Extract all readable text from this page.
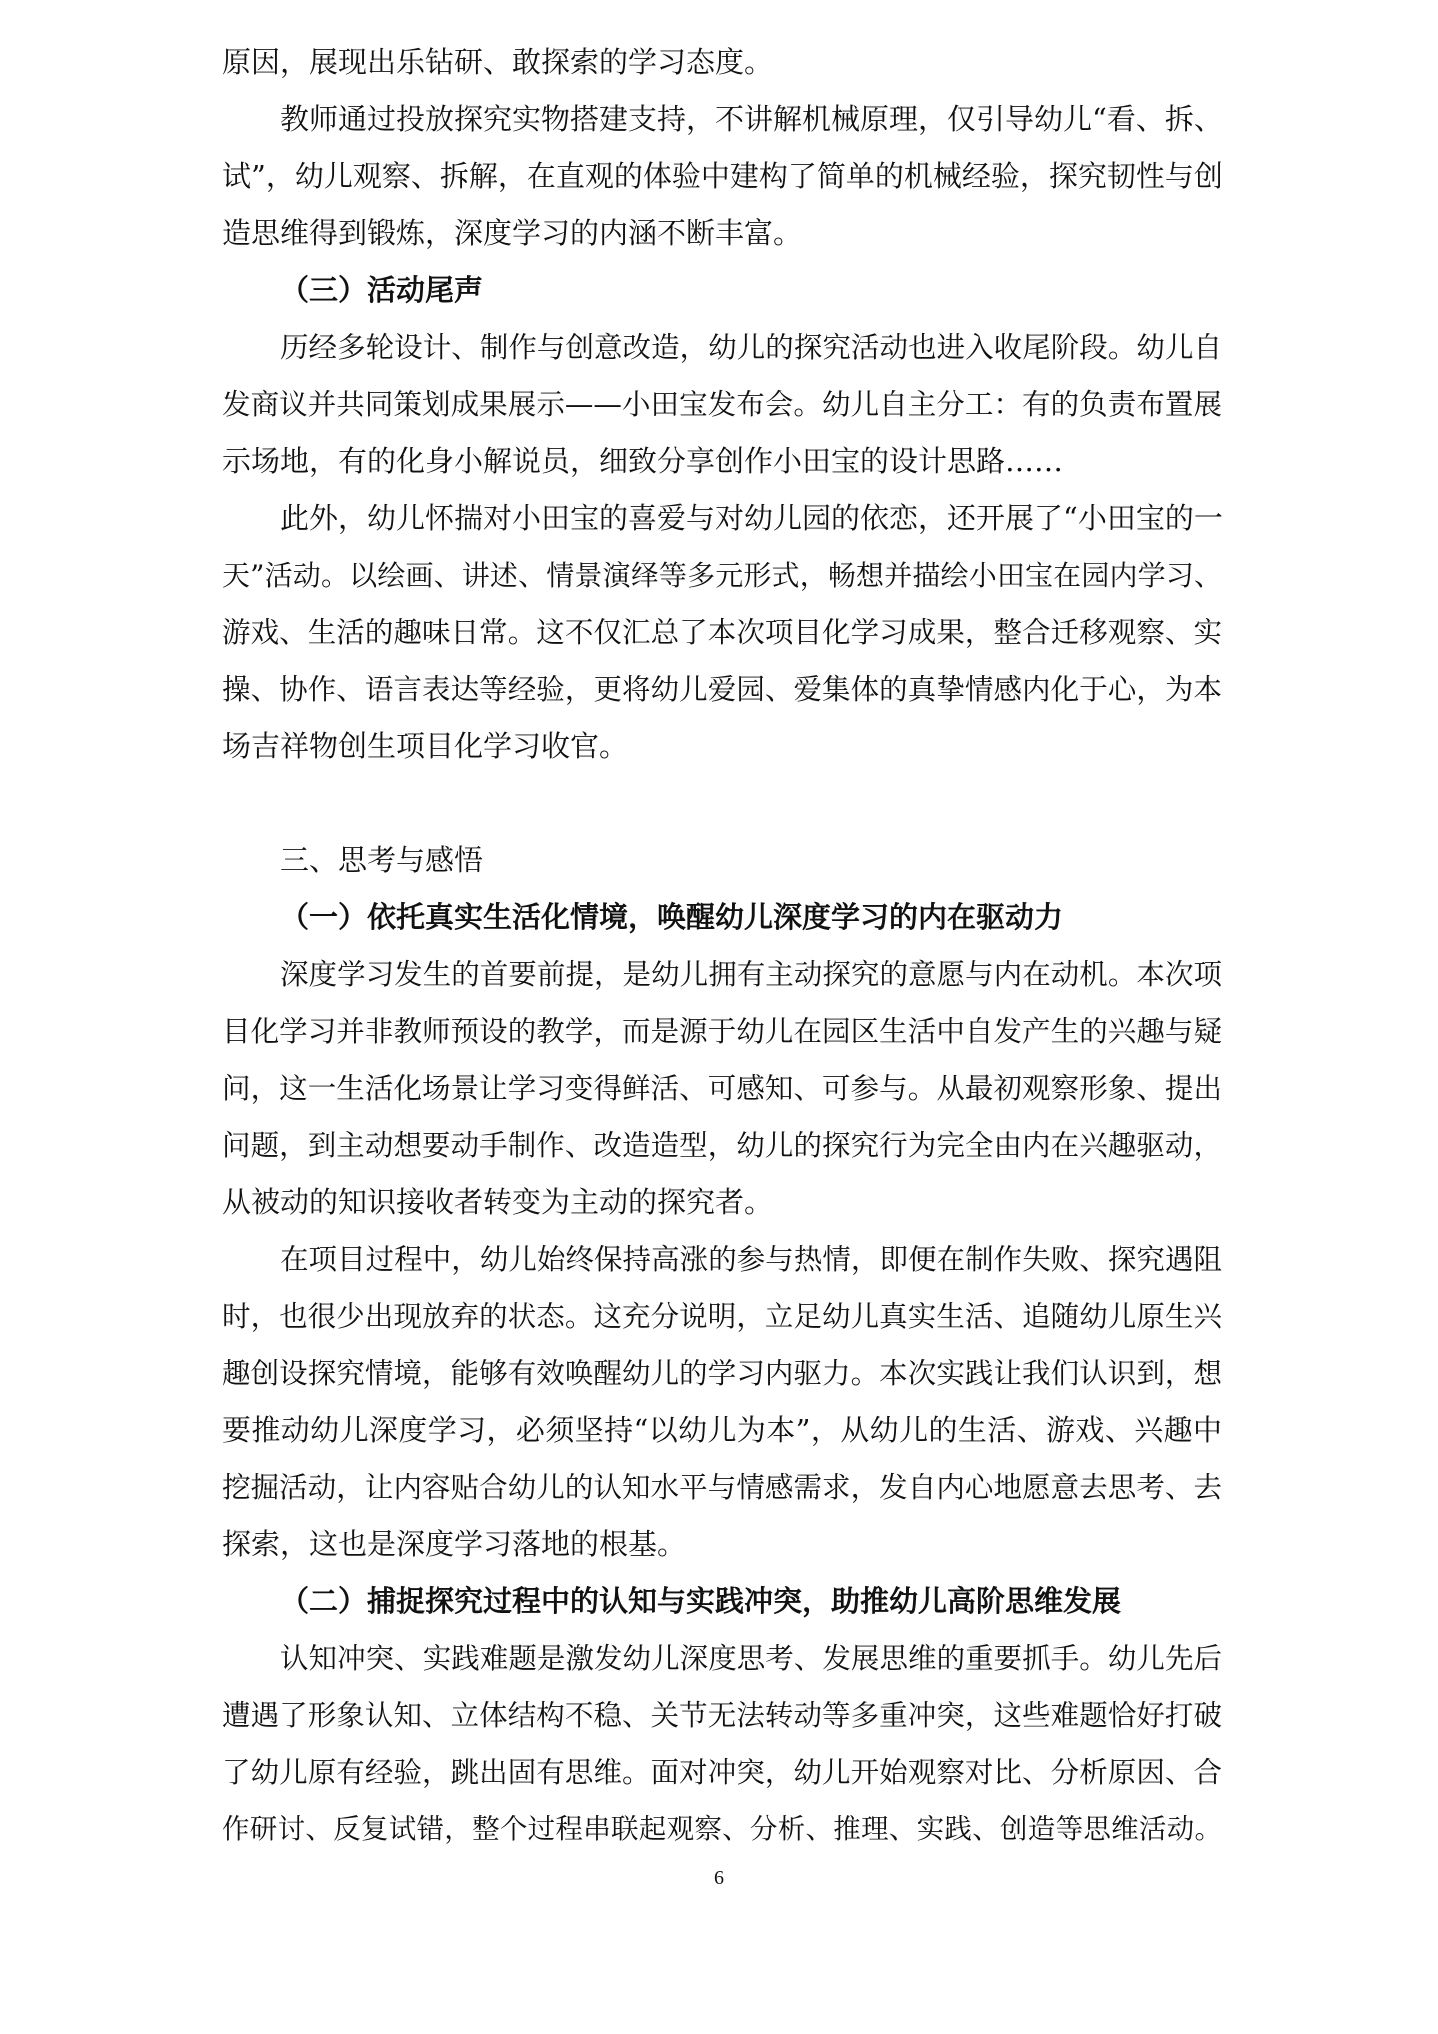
原因，展现出乐钻研、敢探索的学习态度。
教师通过投放探究实物搭建支持，不讲解机械原理，仅引导幼儿“看、拆、
试”，幼儿观察、拆解，在直观的体验中建构了简单的机械经验，探究韧性与创
造思维得到锻炼，深度学习的内涵不断丰富。
（三）活动尾声
历经多轮设计、制作与创意改造，幼儿的探究活动也进入收尾阶段。幼儿自
发商议并共同策划成果展示——小田宝发布会。幼儿自主分工：有的负责布置展
示场地，有的化身小解说员，细致分享创作小田宝的设计思路……
此外，幼儿怀揣对小田宝的喜爱与对幼儿园的依恋，还开展了“小田宝的一
天”活动。以绘画、讲述、情景演绎等多元形式，畅想并描绘小田宝在园内学习、
游戏、生活的趣味日常。这不仅汇总了本次项目化学习成果，整合迁移观察、实
操、协作、语言表达等经验，更将幼儿爱园、爱集体的真挚情感内化于心，为本
场吉祥物创生项目化学习收官。
三、思考与感悟
（一）依托真实生活化情境，唤醒幼儿深度学习的内在驱动力
深度学习发生的首要前提，是幼儿拥有主动探究的意愿与内在动机。本次项
目化学习并非教师预设的教学，而是源于幼儿在园区生活中自发产生的兴趣与疑
问，这一生活化场景让学习变得鲜活、可感知、可参与。从最初观察形象、提出
问题，到主动想要动手制作、改造造型，幼儿的探究行为完全由内在兴趣驱动，
从被动的知识接收者转变为主动的探究者。
在项目过程中，幼儿始终保持高涨的参与热情，即便在制作失败、探究遇阻
时，也很少出现放弃的状态。这充分说明，立足幼儿真实生活、追随幼儿原生兴
趣创设探究情境，能够有效唤醒幼儿的学习内驱力。本次实践让我们认识到，想
要推动幼儿深度学习，必须坚持“以幼儿为本”，从幼儿的生活、游戏、兴趣中
挖掘活动，让内容贴合幼儿的认知水平与情感需求，发自内心地愿意去思考、去
探索，这也是深度学习落地的根基。
（二）捕捉探究过程中的认知与实践冲突，助推幼儿高阶思维发展
认知冲突、实践难题是激发幼儿深度思考、发展思维的重要抓手。幼儿先后
遭遇了形象认知、立体结构不稳、关节无法转动等多重冲突，这些难题恰好打破
了幼儿原有经验，跳出固有思维。面对冲突，幼儿开始观察对比、分析原因、合
作研讨、反复试错，整个过程串联起观察、分析、推理、实践、创造等思维活动。
6
